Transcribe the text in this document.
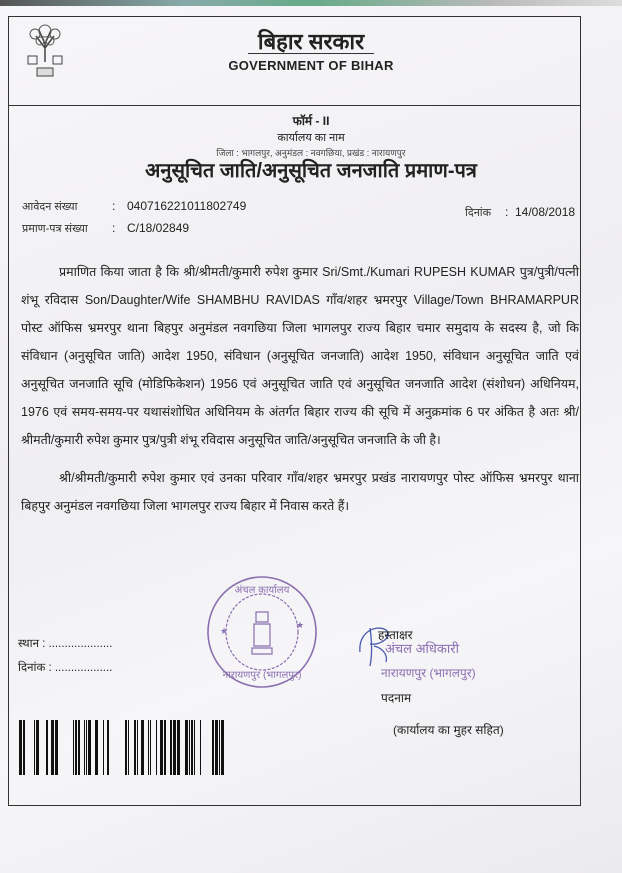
बिहार सरकार
GOVERNMENT OF BIHAR
फॉर्म - II
कार्यालय का नाम
जिला : भागलपुर, अनुमंडल : नवगछिया, प्रखंड : नारायणपुर
अनुसूचित जाति/अनुसूचित जनजाति प्रमाण-पत्र
आवेदन संख्या	: 040716221011802749
प्रमाण-पत्र संख्या : C/18/02849
दिनांक : 14/08/2018
प्रमाणित किया जाता है कि श्री/श्रीमती/कुमारी रुपेश कुमार Sri/Smt./Kumari RUPESH KUMAR पुत्र/पुत्री/पत्नी शंभू रविदास Son/Daughter/Wife SHAMBHU RAVIDAS गाँव/शहर भ्रमरपुर Village/Town BHRAMARPUR पोस्ट ऑफिस भ्रमरपुर थाना बिहपुर अनुमंडल नवगछिया जिला भागलपुर राज्य बिहार चमार समुदाय के सदस्य है, जो कि संविधान (अनुसूचित जाति) आदेश 1950, संविधान (अनुसूचित जनजाति) आदेश 1950, संविधान अनुसूचित जाति एवं अनुसूचित जनजाति सूचि (मोडिफिकेशन) 1956 एवं अनुसूचित जाति एवं अनुसूचित जनजाति आदेश (संशोधन) अधिनियम, 1976 एवं समय-समय-पर यथासंशोधित अधिनियम के अंतर्गत बिहार राज्य की सूचि में अनुक्रमांक 6 पर अंकित है अतः श्री/श्रीमती/कुमारी रुपेश कुमार पुत्र/पुत्री शंभू रविदास अनुसूचित जाति/अनुसूचित जनजाति के जी है।
श्री/श्रीमती/कुमारी रुपेश कुमार एवं उनका परिवार गाँव/शहर भ्रमरपुर प्रखंड नारायणपुर पोस्ट ऑफिस भ्रमरपुर थाना बिहपुर अनुमंडल नवगछिया जिला भागलपुर राज्य बिहार में निवास करते हैं।
★
★
अंचल कार्यालय
नारायणपुर (भागलपुर)
स्थान : ....................
दिनांक : ..................
हस्ताक्षर
अंचल अधिकारी
नारायणपुर (भागलपुर)
पदनाम
(कार्यालय का मुहर सहित)
